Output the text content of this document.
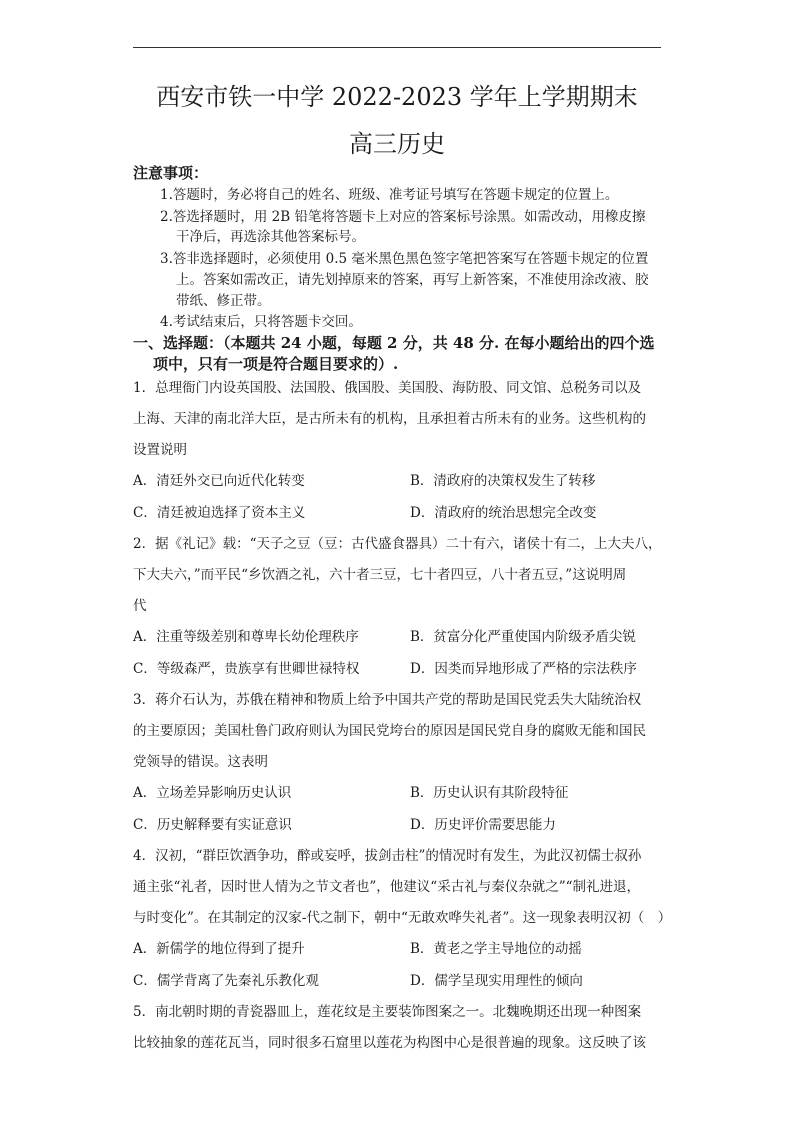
西安市铁一中学 2022-2023 学年上学期期末
高三历史
注意事项：
1.答题时，务必将自己的姓名、班级、准考证号填写在答题卡规定的位置上。
2.答选择题时，用 2B 铅笔将答题卡上对应的答案标号涂黑。如需改动，用橡皮擦
干净后，再选涂其他答案标号。
3.答非选择题时，必须使用 0.5 毫米黑色黑色签字笔把答案写在答题卡规定的位置
上。答案如需改正，请先划掉原来的答案，再写上新答案，不准使用涂改液、胶
带纸、修正带。
4.考试结束后，只将答题卡交回。
一、选择题：（本题共 24 小题，每题 2 分，共 48 分. 在每小题给出的四个选
项中，只有一项是符合题目要求的）.
1．总理衙门内设英国股、法国股、俄国股、美国股、海防股、同文馆、总税务司以及
上海、天津的南北洋大臣，是古所未有的机构，且承担着古所未有的业务。这些机构的
设置说明
A．清廷外交已向近代化转变	B．清政府的决策权发生了转移
C．清廷被迫选择了资本主义	D．清政府的统治思想完全改变
2．据《礼记》载：“天子之豆（豆：古代盛食器具）二十有六，诸侯十有二，上大夫八，
下大夫六，”而平民“乡饮酒之礼，六十者三豆，七十者四豆，八十者五豆，”这说明周
代
A．注重等级差别和尊卑长幼伦理秩序	B．贫富分化严重使国内阶级矛盾尖锐
C．等级森严，贵族享有世卿世禄特权	D．因类而异地形成了严格的宗法秩序
3．蒋介石认为，苏俄在精神和物质上给予中国共产党的帮助是国民党丢失大陆统治权
的主要原因；美国杜鲁门政府则认为国民党垮台的原因是国民党自身的腐败无能和国民
党领导的错误。这表明
A．立场差异影响历史认识	B．历史认识有其阶段特征
C．历史解释要有实证意识	D．历史评价需要思能力
4．汉初，“群臣饮酒争功，醉或妄呼，拔剑击柱”的情况时有发生，为此汉初儒士叔孙
通主张“礼者，因时世人情为之节文者也”，他建议“采古礼与秦仪杂就之”“制礼进退，
与时变化”。在其制定的汉家-代之制下，朝中“无敢欢哗失礼者”。这一现象表明汉初（　）
A．新儒学的地位得到了提升	B．黄老之学主导地位的动摇
C．儒学背离了先秦礼乐教化观	D．儒学呈现实用理性的倾向
5．南北朝时期的青瓷器皿上，莲花纹是主要装饰图案之一。北魏晚期还出现一种图案
比较抽象的莲花瓦当，同时很多石窟里以莲花为构图中心是很普遍的现象。这反映了该
